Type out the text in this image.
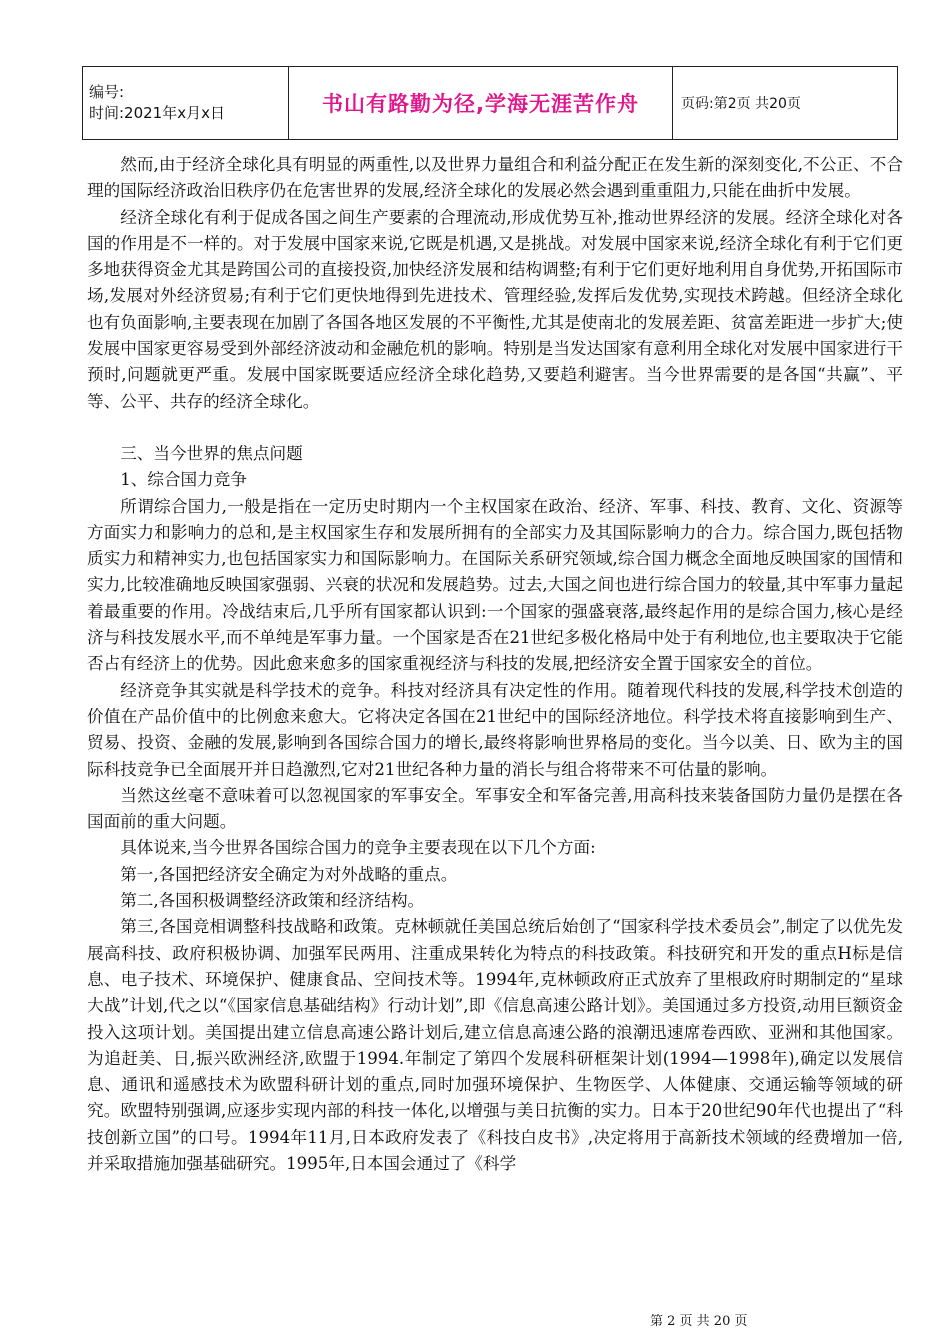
编号:
时间:2021年x月x日	书山有路勤为径,学海无涯苦作舟	页码:第2页 共20页

然而,由于经济全球化具有明显的两重性,以及世界力量组合和利益分配正在发生新的深刻变化,不公正、不合理的国际经济政治旧秩序仍在危害世界的发展,经济全球化的发展必然会遇到重重阻力,只能在曲折中发展。

经济全球化有利于促成各国之间生产要素的合理流动,形成优势互补,推动世界经济的发展。经济全球化对各国的作用是不一样的。对于发展中国家来说,它既是机遇,又是挑战。对发展中国家来说,经济全球化有利于它们更多地获得资金尤其是跨国公司的直接投资,加快经济发展和结构调整;有利于它们更好地利用自身优势,开拓国际市场,发展对外经济贸易;有利于它们更快地得到先进技术、管理经验,发挥后发优势,实现技术跨越。但经济全球化也有负面影响,主要表现在加剧了各国各地区发展的不平衡性,尤其是使南北的发展差距、贫富差距进一步扩大;使发展中国家更容易受到外部经济波动和金融危机的影响。特别是当发达国家有意利用全球化对发展中国家进行干预时,问题就更严重。发展中国家既要适应经济全球化趋势,又要趋利避害。当今世界需要的是各国“共赢”、平等、公平、共存的经济全球化。

三、当今世界的焦点问题

1、综合国力竞争

所谓综合国力,一般是指在一定历史时期内一个主权国家在政治、经济、军事、科技、教育、文化、资源等方面实力和影响力的总和,是主权国家生存和发展所拥有的全部实力及其国际影响力的合力。综合国力,既包括物质实力和精神实力,也包括国家实力和国际影响力。在国际关系研究领域,综合国力概念全面地反映国家的国情和实力,比较准确地反映国家强弱、兴衰的状况和发展趋势。过去,大国之间也进行综合国力的较量,其中军事力量起着最重要的作用。冷战结束后,几乎所有国家都认识到:一个国家的强盛衰落,最终起作用的是综合国力,核心是经济与科技发展水平,而不单纯是军事力量。一个国家是否在21世纪多极化格局中处于有利地位,也主要取决于它能否占有经济上的优势。因此愈来愈多的国家重视经济与科技的发展,把经济安全置于国家安全的首位。

经济竞争其实就是科学技术的竞争。科技对经济具有决定性的作用。随着现代科技的发展,科学技术创造的价值在产品价值中的比例愈来愈大。它将决定各国在21世纪中的国际经济地位。科学技术将直接影响到生产、贸易、投资、金融的发展,影响到各国综合国力的增长,最终将影响世界格局的变化。当今以美、日、欧为主的国际科技竞争已全面展开并日趋激烈,它对21世纪各种力量的消长与组合将带来不可估量的影响。

当然这丝毫不意味着可以忽视国家的军事安全。军事安全和军备完善,用高科技来装备国防力量仍是摆在各国面前的重大问题。

具体说来,当今世界各国综合国力的竞争主要表现在以下几个方面:

第一,各国把经济安全确定为对外战略的重点。

第二,各国积极调整经济政策和经济结构。

第三,各国竞相调整科技战略和政策。克林顿就任美国总统后始创了“国家科学技术委员会”,制定了以优先发展高科技、政府积极协调、加强军民两用、注重成果转化为特点的科技政策。科技研究和开发的重点H标是信息、电子技术、环境保护、健康食品、空间技术等。1994年,克林顿政府正式放弃了里根政府时期制定的“星球大战”计划,代之以“《国家信息基础结构》行动计划”,即《信息高速公路计划》。美国通过多方投资,动用巨额资金投入这项计划。美国提出建立信息高速公路计划后,建立信息高速公路的浪潮迅速席卷西欧、亚洲和其他国家。为追赶美、日,振兴欧洲经济,欧盟于1994.年制定了第四个发展科研框架计划(1994—1998年),确定以发展信息、通讯和遥感技术为欧盟科研计划的重点,同时加强环境保护、生物医学、人体健康、交通运输等领域的研究。欧盟特别强调,应逐步实现内部的科技一体化,以增强与美日抗衡的实力。日本于20世纪90年代也提出了“科技创新立国”的口号。1994年11月,日本政府发表了《科技白皮书》,决定将用于高新技术领域的经费增加一倍,并采取措施加强基础研究。1995年,日本国会通过了《科学

第 2 页 共 20 页
